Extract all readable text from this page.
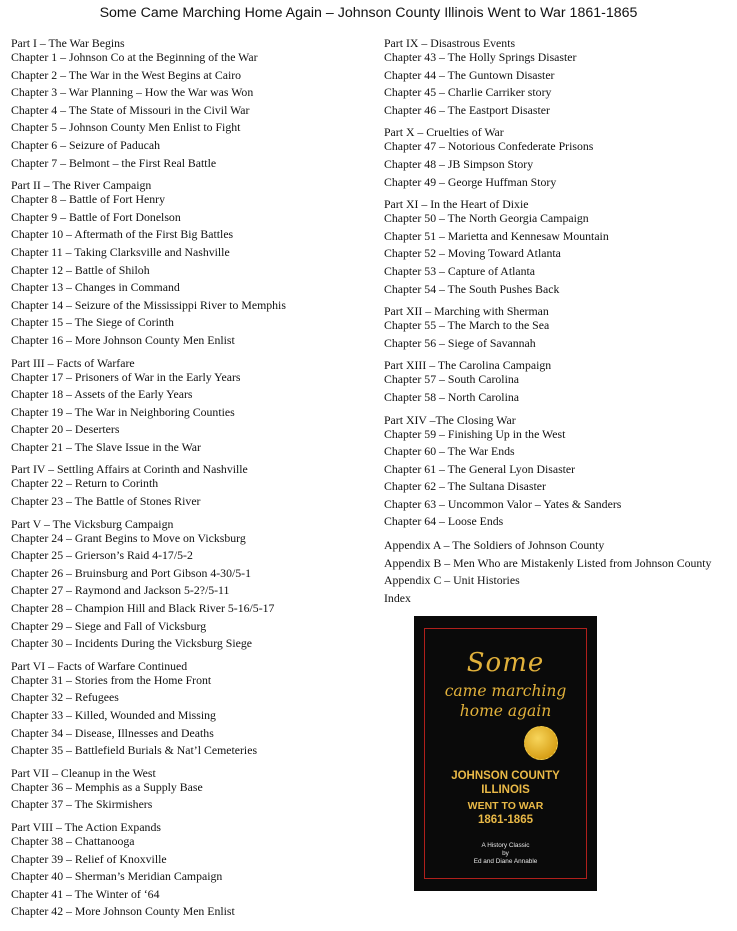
Some Came Marching Home Again – Johnson County Illinois Went to War 1861-1865
Part I – The War Begins
Chapter 1 – Johnson Co at the Beginning of the War
Chapter 2 – The War in the West Begins at Cairo
Chapter 3 – War Planning – How the War was Won
Chapter 4 – The State of Missouri in the Civil War
Chapter 5 – Johnson County Men Enlist to Fight
Chapter 6 – Seizure of Paducah
Chapter 7 – Belmont – the First Real Battle
Part II – The River Campaign
Chapter 8 – Battle of Fort Henry
Chapter 9 – Battle of Fort Donelson
Chapter 10 – Aftermath of the First Big Battles
Chapter 11 – Taking Clarksville and Nashville
Chapter 12 – Battle of Shiloh
Chapter 13 – Changes in Command
Chapter 14 – Seizure of the Mississippi River to Memphis
Chapter 15 – The Siege of Corinth
Chapter 16 – More Johnson County Men Enlist
Part III – Facts of Warfare
Chapter 17 – Prisoners of War in the Early Years
Chapter 18 – Assets of the Early Years
Chapter 19 – The War in Neighboring Counties
Chapter 20 – Deserters
Chapter 21 – The Slave Issue in the War
Part IV – Settling Affairs at Corinth and Nashville
Chapter 22 – Return to Corinth
Chapter 23 – The Battle of Stones River
Part V – The Vicksburg Campaign
Chapter 24 – Grant Begins to Move on Vicksburg
Chapter 25 – Grierson’s Raid 4-17/5-2
Chapter 26 – Bruinsburg and Port Gibson 4-30/5-1
Chapter 27 – Raymond and Jackson 5-2?/5-11
Chapter 28 – Champion Hill and Black River 5-16/5-17
Chapter 29 – Siege and Fall of Vicksburg
Chapter 30 – Incidents During the Vicksburg Siege
Part VI – Facts of Warfare Continued
Chapter 31 – Stories from the Home Front
Chapter 32 – Refugees
Chapter 33 – Killed, Wounded and Missing
Chapter 34 – Disease, Illnesses and Deaths
Chapter 35 – Battlefield Burials & Nat’l Cemeteries
Part VII – Cleanup in the West
Chapter 36 – Memphis as a Supply Base
Chapter 37 – The Skirmishers
Part VIII – The Action Expands
Chapter 38 – Chattanooga
Chapter 39 – Relief of Knoxville
Chapter 40 – Sherman’s Meridian Campaign
Chapter 41 – The Winter of ‘64
Chapter 42 – More Johnson County Men Enlist
Part IX – Disastrous Events
Chapter 43 – The Holly Springs Disaster
Chapter 44 – The Guntown Disaster
Chapter 45 – Charlie Carriker story
Chapter 46 – The Eastport Disaster
Part X – Cruelties of War
Chapter 47 – Notorious Confederate Prisons
Chapter 48 – JB Simpson Story
Chapter 49 – George Huffman Story
Part XI – In the Heart of Dixie
Chapter 50 – The North Georgia Campaign
Chapter 51 – Marietta and Kennesaw Mountain
Chapter 52 – Moving Toward Atlanta
Chapter 53 – Capture of Atlanta
Chapter 54 – The South Pushes Back
Part XII – Marching with Sherman
Chapter 55 – The March to the Sea
Chapter 56 – Siege of Savannah
Part XIII – The Carolina Campaign
Chapter 57 – South Carolina
Chapter 58 – North Carolina
Part XIV –The Closing War
Chapter 59 – Finishing Up in the West
Chapter 60 – The War Ends
Chapter 61 – The General Lyon Disaster
Chapter 62 – The Sultana Disaster
Chapter 63 – Uncommon Valor – Yates & Sanders
Chapter 64 – Loose Ends
Appendix A – The Soldiers of Johnson County
Appendix B – Men Who are Mistakenly Listed from Johnson County
Appendix C – Unit Histories
Index
Some
came marching
home again
JOHNSON COUNTY
ILLINOIS
WENT TO WAR
1861-1865
A History Classic
by
Ed and Diane Annable
